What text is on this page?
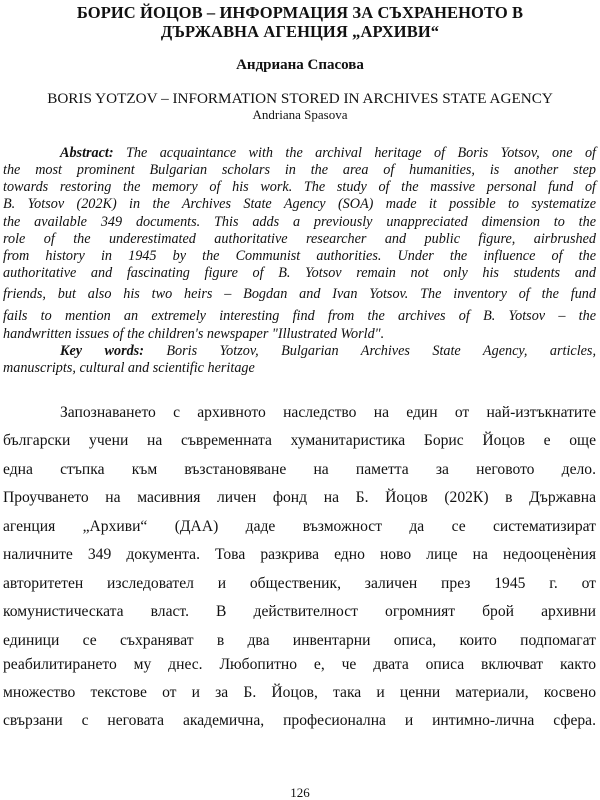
БОРИС ЙОЦОВ – ИНФОРМАЦИЯ ЗА СЪХРАНЕНОТО В
ДЪРЖАВНА АГЕНЦИЯ „АРХИВИ“
Андриана Спасова
BORIS YOTZOV – INFORMATION STORED IN ARCHIVES STATE AGENCY
Andriana Spasova
Abstract: The acquaintance with the archival heritage of Boris Yotsov, one of
the most prominent Bulgarian scholars in the area of humanities, is another step
towards restoring the memory of his work. The study of the massive personal fund of
B. Yotsov (202K) in the Archives State Agency (SOA) made it possible to systematize
the available 349 documents. This adds a previously unappreciated dimension to the
role of the underestimated authoritative researcher and public figure, airbrushed
from history in 1945 by the Communist authorities. Under the influence of the
authoritative and fascinating figure of B. Yotsov remain not only his students and
friends, but also his two heirs – Bogdan and Ivan Yotsov. The inventory of the fund
fails to mention an extremely interesting find from the archives of B. Yotsov – the
handwritten issues of the children's newspaper "Illustrated World".
Key words: Boris Yotzov, Bulgarian Archives State Agency, articles,
manuscripts, cultural and scientific heritage
Запознаването с архивното наследство на един от най-изтъкнатите
български учени на съвременната хуманитаристика Борис Йоцов е още
една стъпка към възстановяване на паметта за неговото дело.
Проучването на масивния личен фонд на Б. Йоцов (202К) в Държавна
агенция „Архиви“ (ДАА) даде възможност да се систематизират
наличните 349 документа. Това разкрива едно ново лице на недооценѐния
авторитетен изследовател и общественик, заличен през 1945 г. от
комунистическата власт. В действителност огромният брой архивни
единици се съхраняват в два инвентарни описа, които подпомагат
реабилитирането му днес. Любопитно е, че двата описа включват както
множество текстове от и за Б. Йоцов, така и ценни материали, косвено
свързани с неговата академична, професионална и интимно-лична сфера.
126
